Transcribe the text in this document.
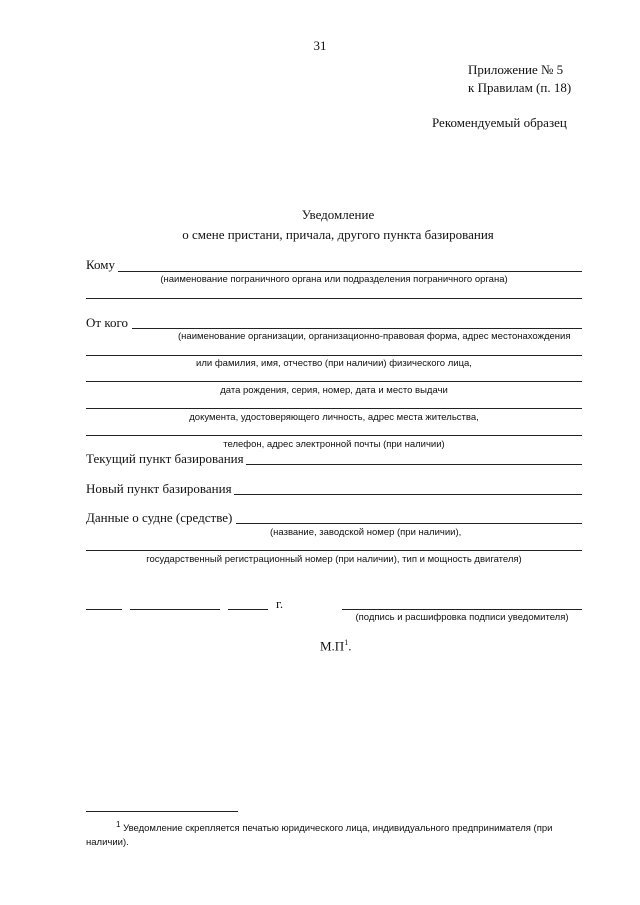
31
Приложение № 5
к Правилам (п. 18)
Рекомендуемый образец
Уведомление
о смене пристани, причала, другого пункта базирования
Кому
(наименование пограничного органа или подразделения пограничного органа)
От кого
(наименование организации, организационно-правовая форма, адрес местонахождения
или фамилия, имя, отчество (при наличии) физического лица,
дата рождения, серия, номер, дата и место выдачи
документа, удостоверяющего личность, адрес места жительства,
телефон, адрес электронной почты (при наличии)
Текущий пункт базирования
Новый пункт базирования
Данные о судне (средстве)
(название, заводской номер (при наличии),
государственный регистрационный номер (при наличии), тип и мощность двигателя)
г.
(подпись и расшифровка подписи уведомителя)
$М.П^1$.
$^1$ Уведомление скрепляется печатью юридического лица, индивидуального предпринимателя (при
наличии).
